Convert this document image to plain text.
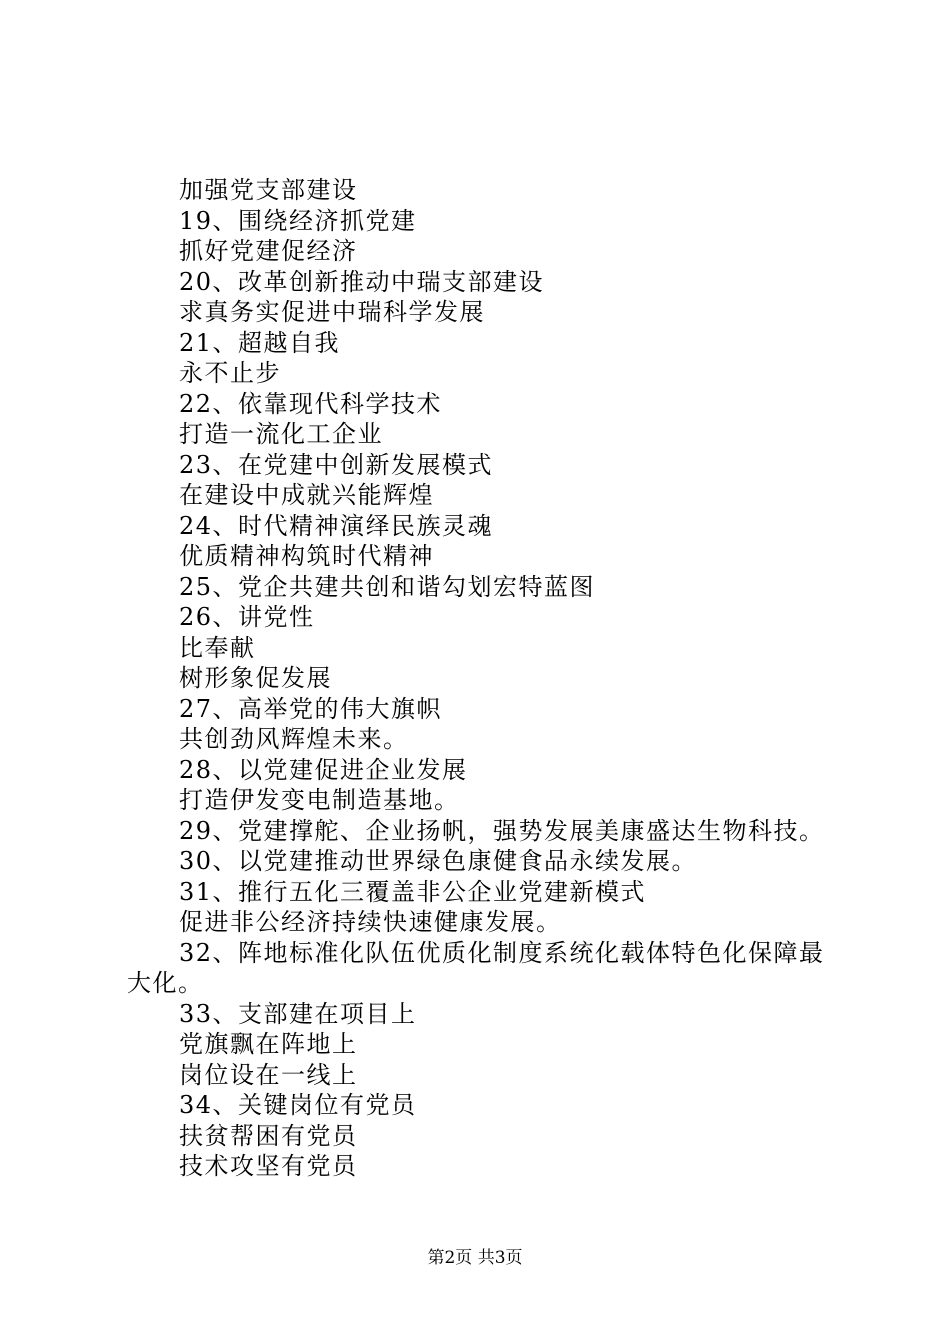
加强党支部建设
19、围绕经济抓党建
抓好党建促经济
20、改革创新推动中瑞支部建设
求真务实促进中瑞科学发展
21、超越自我
永不止步
22、依靠现代科学技术
打造一流化工企业
23、在党建中创新发展模式
在建设中成就兴能辉煌
24、时代精神演绎民族灵魂
优质精神构筑时代精神
25、党企共建共创和谐勾划宏特蓝图
26、讲党性
比奉献
树形象促发展
27、高举党的伟大旗帜
共创劲风辉煌未来。
28、以党建促进企业发展
打造伊发变电制造基地。
29、党建撑舵、企业扬帆，强势发展美康盛达生物科技。
30、以党建推动世界绿色康健食品永续发展。
31、推行五化三覆盖非公企业党建新模式
促进非公经济持续快速健康发展。
32、阵地标准化队伍优质化制度系统化载体特色化保障最大化。
33、支部建在项目上
党旗飘在阵地上
岗位设在一线上
34、关键岗位有党员
扶贫帮困有党员
技术攻坚有党员
第2页 共3页
